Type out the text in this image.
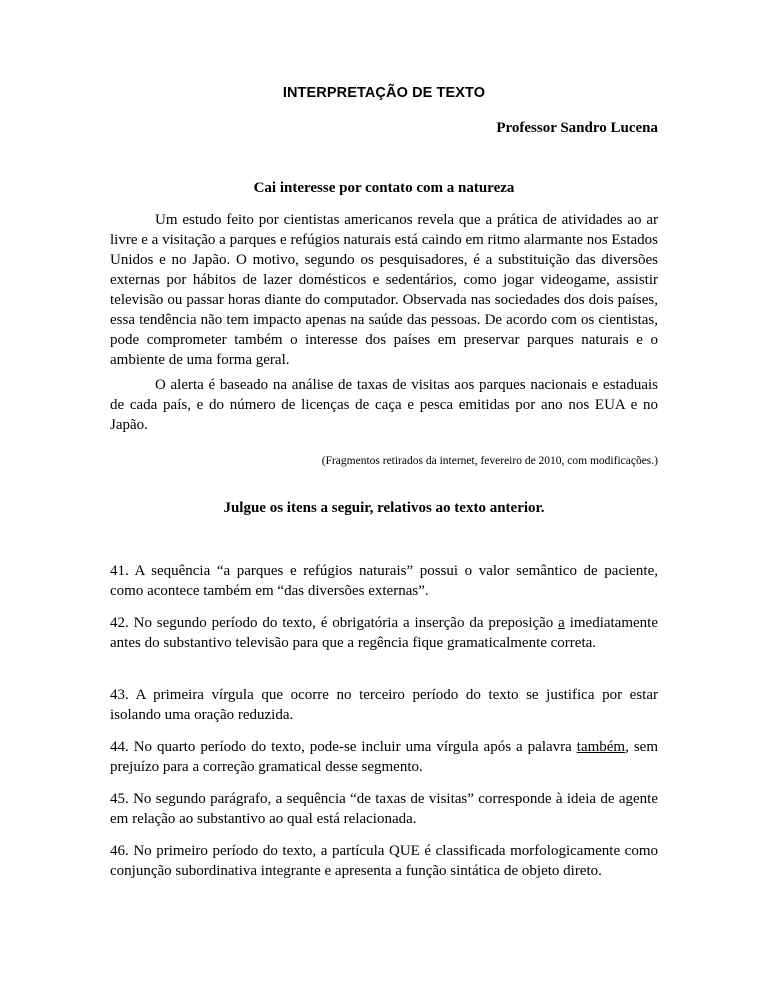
INTERPRETAÇÃO DE TEXTO
Professor Sandro Lucena
Cai interesse por contato com a natureza

Um estudo feito por cientistas americanos revela que a prática de atividades ao ar livre e a visitação a parques e refúgios naturais está caindo em ritmo alarmante nos Estados Unidos e no Japão. O motivo, segundo os pesquisadores, é a substituição das diversões externas por hábitos de lazer domésticos e sedentários, como jogar videogame, assistir televisão ou passar horas diante do computador. Observada nas sociedades dos dois países, essa tendência não tem impacto apenas na saúde das pessoas. De acordo com os cientistas, pode comprometer também o interesse dos países em preservar parques naturais e o ambiente de uma forma geral.

O alerta é baseado na análise de taxas de visitas aos parques nacionais e estaduais de cada país, e do número de licenças de caça e pesca emitidas por ano nos EUA e no Japão.

(Fragmentos retirados da internet, fevereiro de 2010, com modificações.)
Julgue os itens a seguir, relativos ao texto anterior.

41. A sequência “a parques e refúgios naturais” possui o valor semântico de paciente, como acontece também em “das diversões externas”.

42. No segundo período do texto, é obrigatória a inserção da preposição a imediatamente antes do substantivo televisão para que a regência fique gramaticalmente correta.

43. A primeira vírgula que ocorre no terceiro período do texto se justifica por estar isolando uma oração reduzida.

44. No quarto período do texto, pode-se incluir uma vírgula após a palavra também, sem prejuízo para a correção gramatical desse segmento.

45. No segundo parágrafo, a sequência “de taxas de visitas” corresponde à ideia de agente em relação ao substantivo ao qual está relacionada.

46. No primeiro período do texto, a partícula QUE é classificada morfologicamente como conjunção subordinativa integrante e apresenta a função sintática de objeto direto.
